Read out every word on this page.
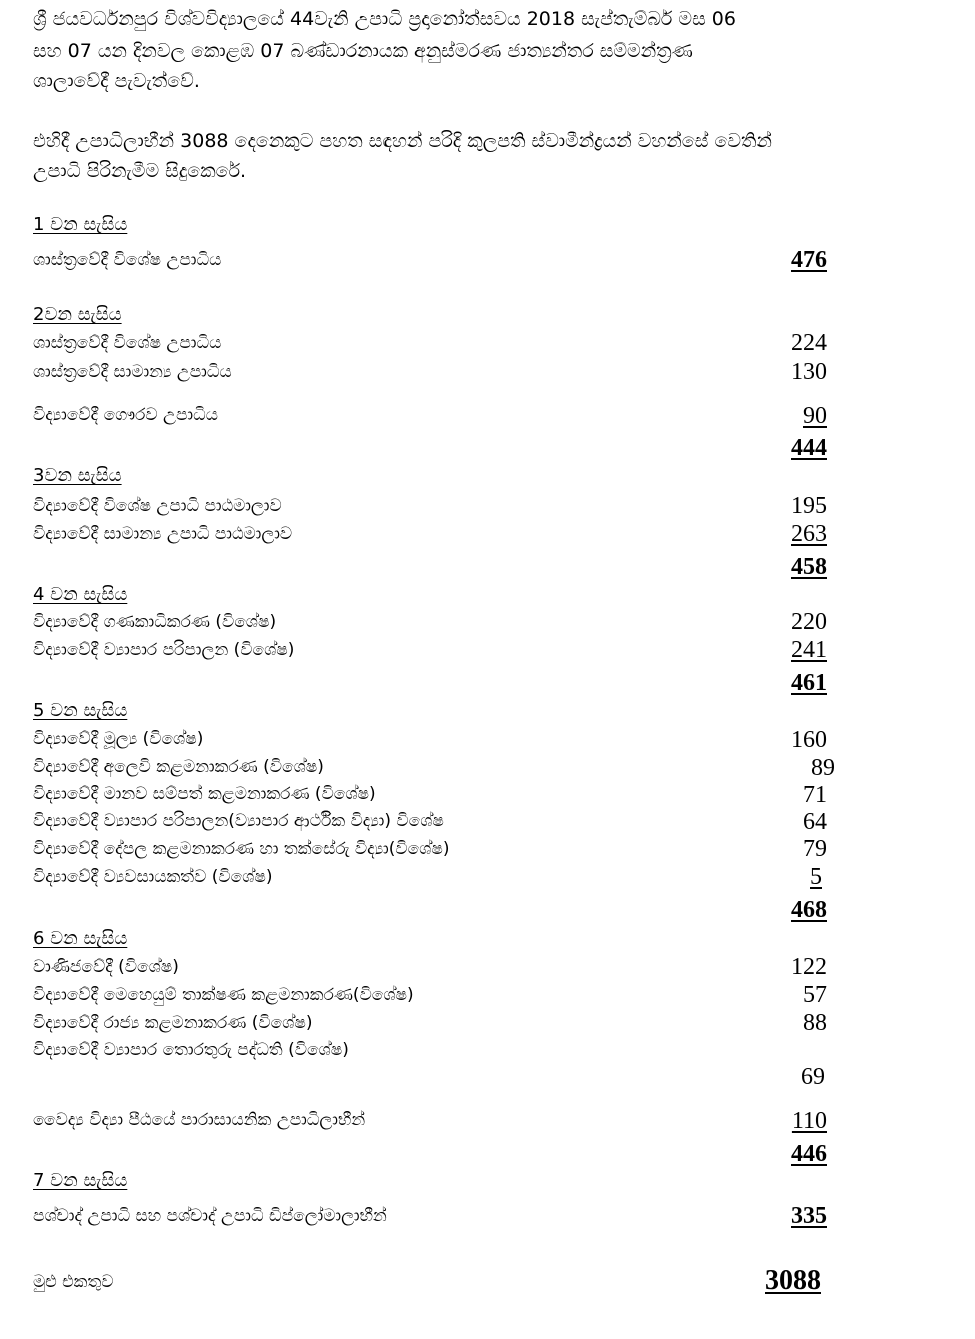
ශ්‍රී ජයවර්ධනපුර විශ්වවිද්‍යාලයේ 44වැනි උපාධි ප්‍රදානෝත්සවය 2018 සැප්තැම්බර් මස 06
සහ 07 යන දිනවල කොළඹ 07 බණ්ඩාරනායක අනුස්මරණ ජාත්‍යන්තර සම්මන්ත්‍රණ
ශාලාවේදී පැවැත්වේ.
එහිදී උපාධිලාභීන් 3088 දෙනෙකුට පහත සඳහන් පරිදි කුලපති ස්වාමීන්ද්‍රයන් වහන්සේ වෙතින්
උපාධි පිරිනැමීම සිදුකෙරේ.
1 වන සැසිය
ශාස්ත්‍රවේදී විශේෂ උපාධිය	476
2වන සැසිය
ශාස්ත්‍රවේදී විශේෂ උපාධිය	224
ශාස්ත්‍රවේදී සාමාන්‍ය උපාධිය	130
විද්‍යාවේදී ගෞරව උපාධිය	90
444
3වන සැසිය
විද්‍යාවේදී විශේෂ උපාධි පාඨමාලාව	195
විද්‍යාවේදී සාමාන්‍ය උපාධි පාඨමාලාව	263
458
4 වන සැසිය
විද්‍යාවේදී ගණකාධිකරණ (විශේෂ)	220
විද්‍යාවේදී ව්‍යාපාර පරිපාලන (විශේෂ)	241
461
5 වන සැසිය
විද්‍යාවේදී මූල්‍ය (විශේෂ)	160
විද්‍යාවේදී අලෙවි කළමනාකරණ (විශේෂ)	89
විද්‍යාවේදී මානව සම්පත් කළමනාකරණ (විශේෂ)	71
විද්‍යාවේදී ව්‍යාපාර පරිපාලන(ව්‍යාපාර ආර්ථික විද්‍යා) විශේෂ	64
විද්‍යාවේදී දේපල කළමනාකරණ හා තක්සේරු විද්‍යා(විශේෂ)	79
විද්‍යාවේදී ව්‍යවසායකත්ව (විශේෂ)	5
468
6 වන සැසිය
වාණිජවේදී (විශේෂ)	122
විද්‍යාවේදී මෙහෙයුම් තාක්ෂණ කළමනාකරණ(විශේෂ)	57
විද්‍යාවේදී රාජ්‍ය කළමනාකරණ (විශේෂ)	88
විද්‍යාවේදී ව්‍යාපාර තොරතුරු පද්ධති (විශේෂ)
69
වෛද්‍ය විද්‍යා පීඨයේ පාරාසායනික උපාධිලාභීන්	110
446
7 වන සැසිය
පශ්චාද් උපාධි සහ පශ්චාද් උපාධි ඩිප්ලෝමාලාභීන්	335
මුළු එකතුව	3088
